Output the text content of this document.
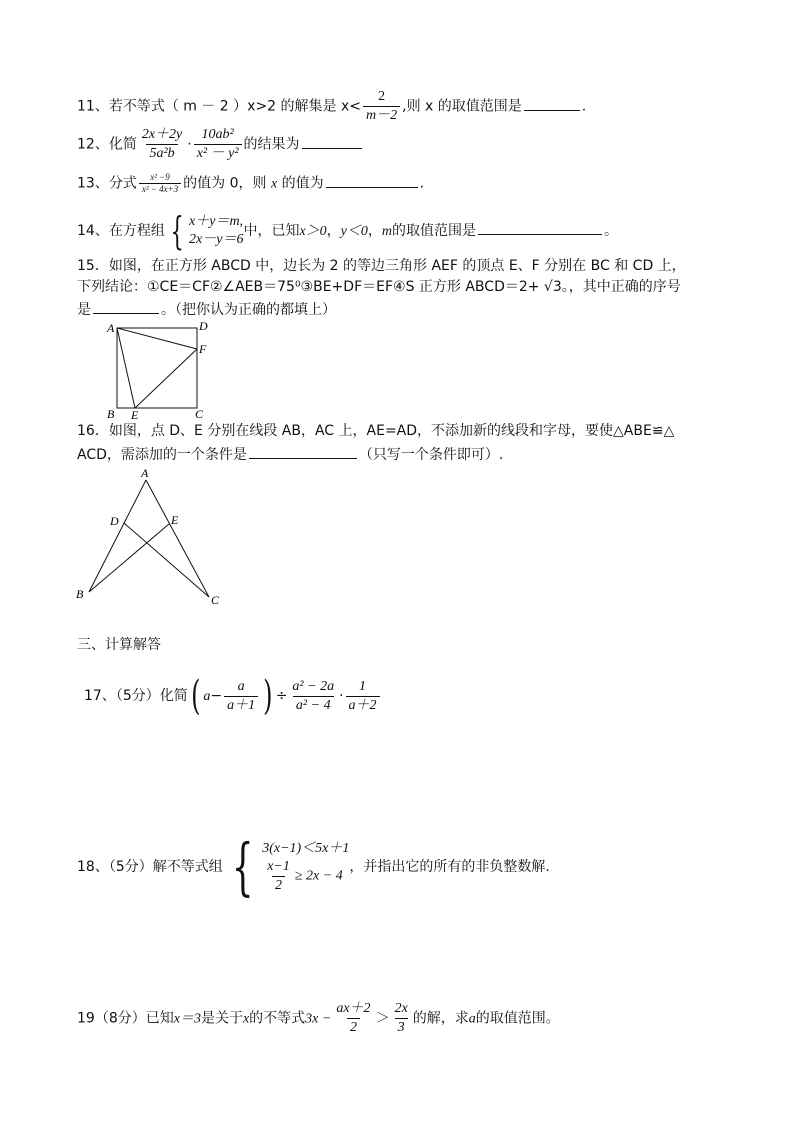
11、若不等式（ m － 2 ）x>2 的解集是 $x< \frac{2}{m-2}$ ,则 x 的取值范围是	.
12、化简 $\frac{2x+2y}{\text{5a²b}} \cdot \frac{\text{10ab²}}{\text{x² － y²}}$ 的结果为
13、分式 $\frac{\text{x² −9}}{\text{x² − 4x+3}}$ 的值为 0，则 x 的值为	.
14、在方程组 { x＋y＝m,
2x－y＝6
中，已知x＞0，y＜0，m的取值范围是	。
15．如图，在正方形 ABCD 中，边长为 2 的等边三角形 AEF 的顶点 E、F 分别在 BC 和 CD 上，
下列结论：①CE＝CF②∠AEB＝75⁰③BE+DF＝EF④S 正方形 ABCD＝2+ √3。，其中正确的序号
是	。（把你认为正确的都填上）
A	D
F
B E	C
16．如图，点 D、E 分别在线段 AB，AC 上，AE=AD，不添加新的线段和字母，要使△ABE≌△
ACD，需添加的一个条件是	（只写一个条件即可）.
A
D	E
B	C
三、计算解答
17、（5分）化简( $a- \frac{a}{a+1}$ ) ÷ $\frac{\text{a² − 2a}}{\text{a² − 4}} \cdot \frac{1}{a+2}$
18、（5分）解不等式组 { 3(x−1)＜5x＋1
$\frac{x-1}{2} \ge 2x - 4$
，并指出它的所有的非负整数解.
19（8分）已知x＝3是关于x的不等式$3x - \frac{ax+2}{2} > \frac{2x}{3}$ 的解，求a的取值范围。
